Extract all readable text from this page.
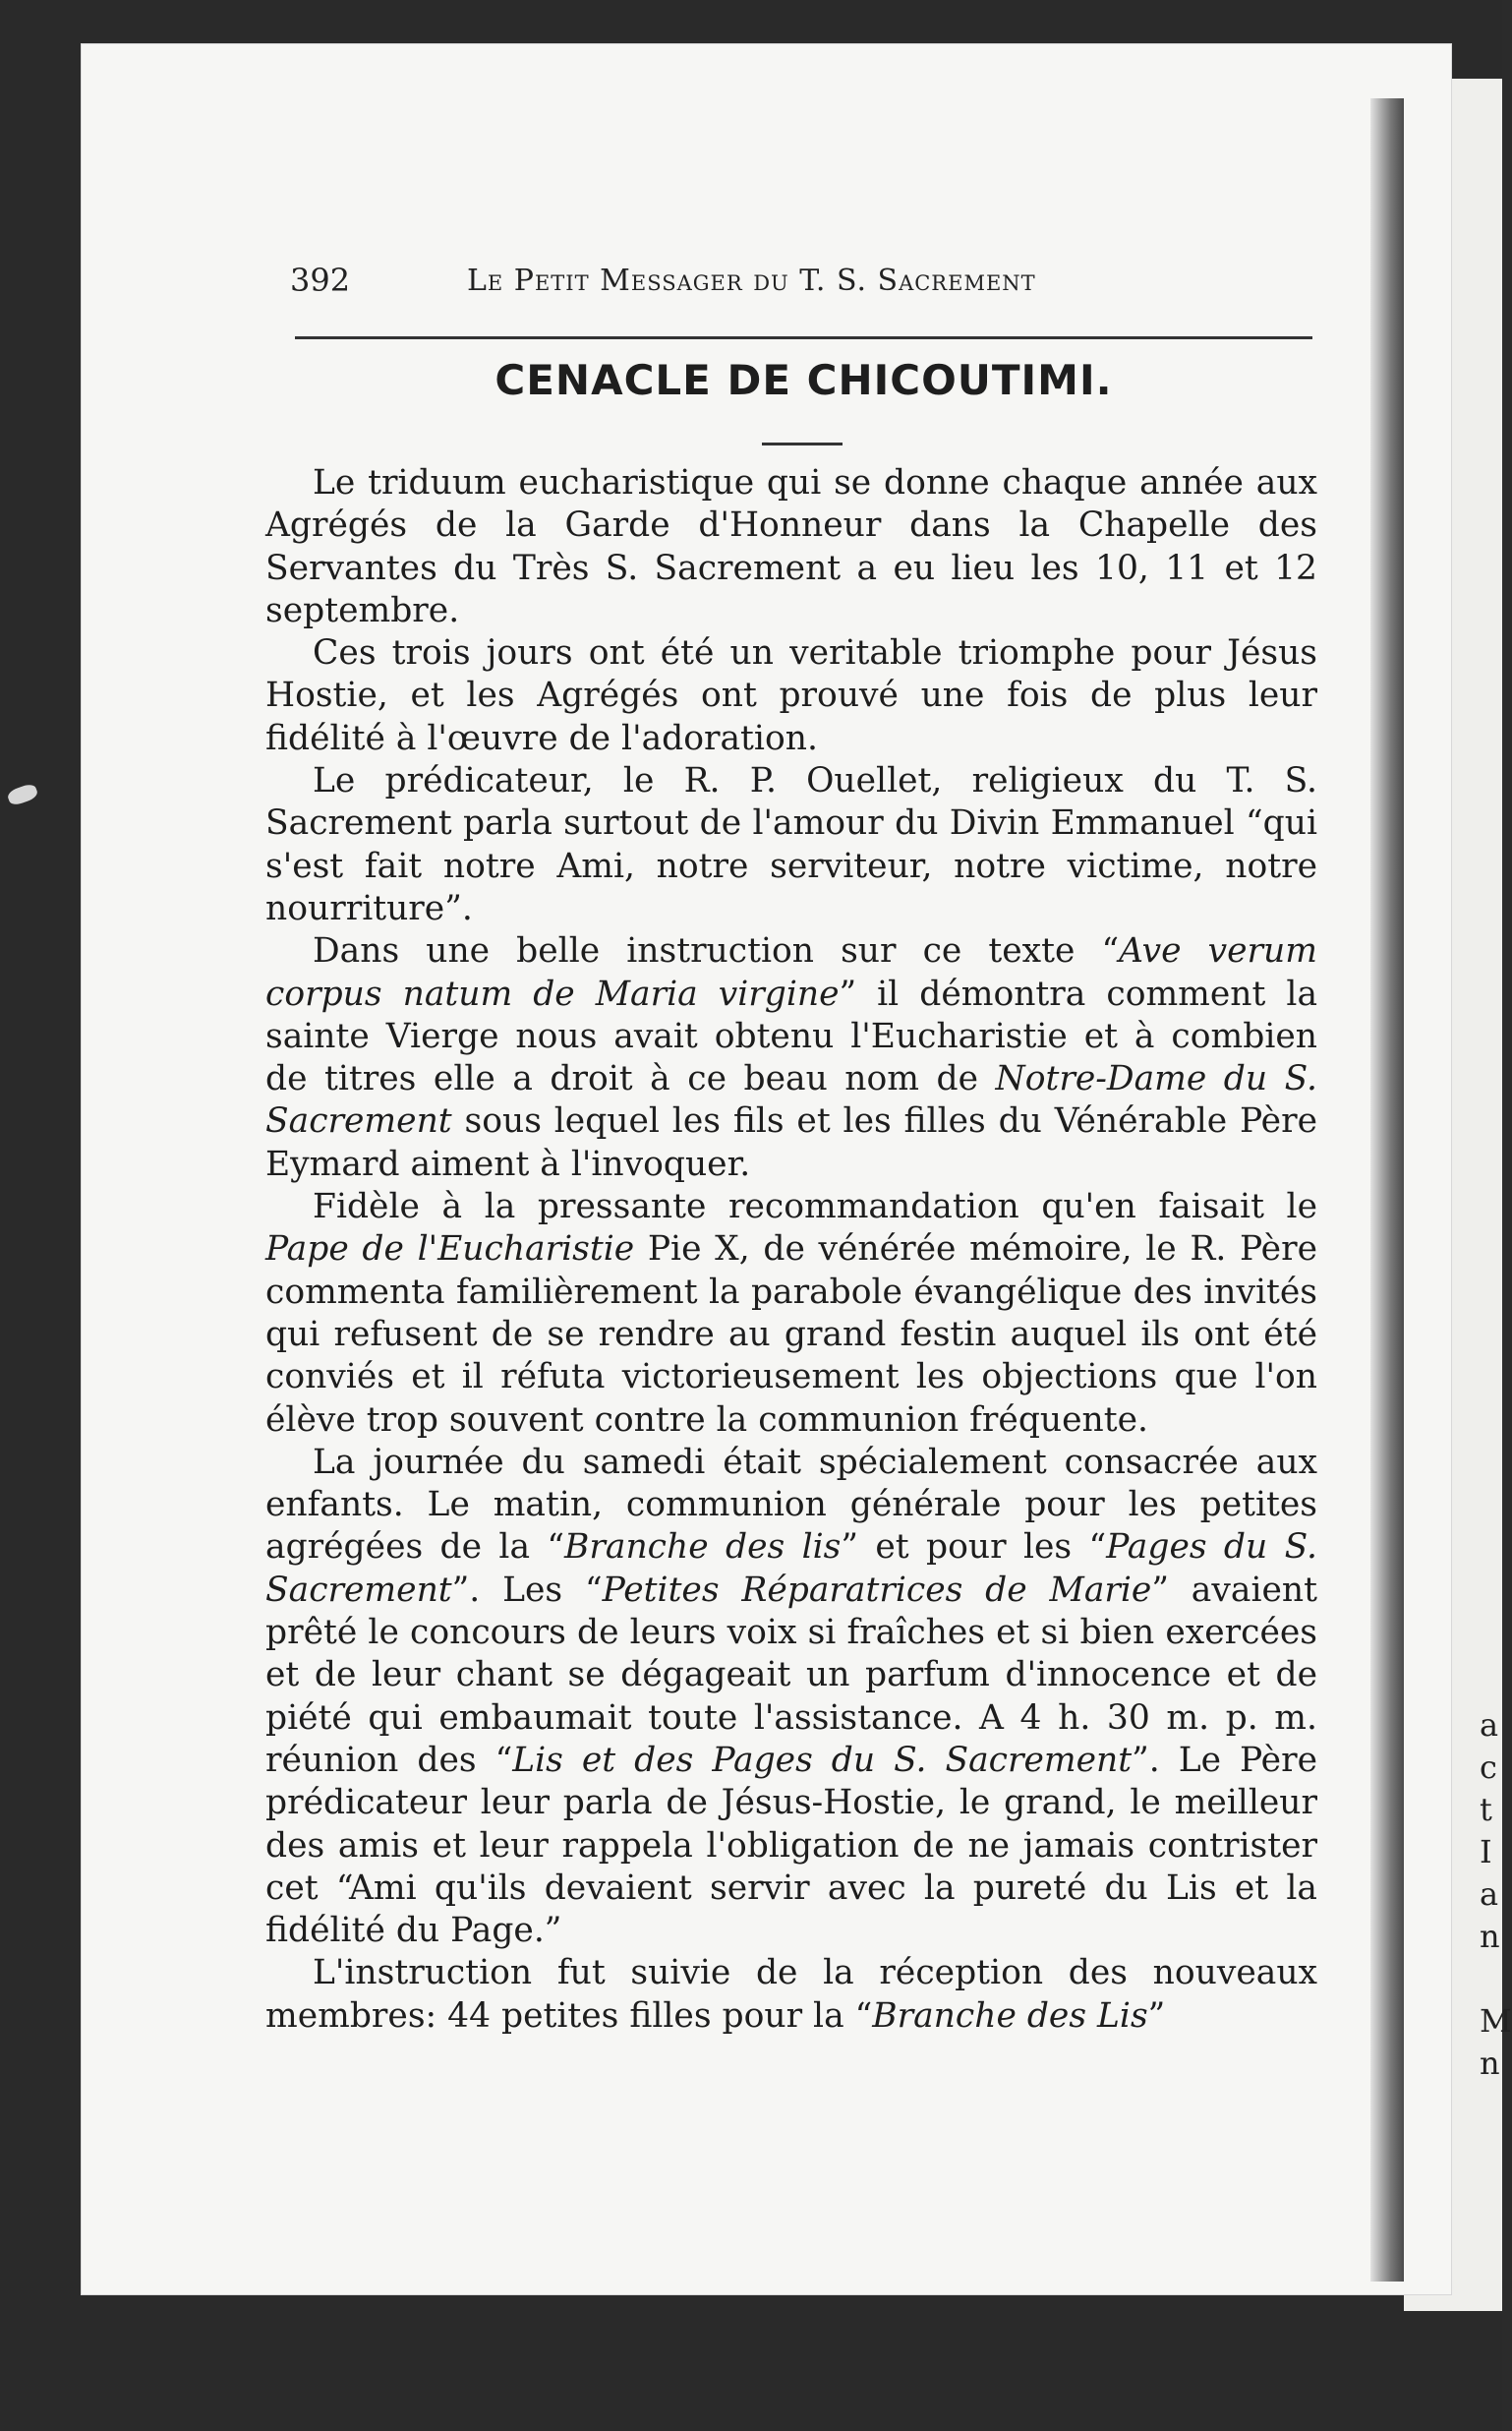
a
c
t
I
a
n
M
n
392	Le Petit Messager du T. S. Sacrement
CENACLE DE CHICOUTIMI.

Le triduum eucharistique qui se donne chaque année aux Agrégés de la Garde d'Honneur dans la Chapelle des Servantes du Très S. Sacrement a eu lieu les 10, 11 et 12 septembre.

Ces trois jours ont été un veritable triomphe pour Jésus Hostie, et les Agrégés ont prouvé une fois de plus leur fidélité à l'œuvre de l'adoration.

Le prédicateur, le R. P. Ouellet, religieux du T. S. Sacrement parla surtout de l'amour du Divin Emmanuel “qui s'est fait notre Ami, notre serviteur, notre victime, notre nourriture”.

Dans une belle instruction sur ce texte “Ave verum corpus natum de Maria virgine” il démontra comment la sainte Vierge nous avait obtenu l'Eucharistie et à combien de titres elle a droit à ce beau nom de Notre-Dame du S. Sacrement sous lequel les fils et les filles du Vénérable Père Eymard aiment à l'invoquer.

Fidèle à la pressante recommandation qu'en faisait le Pape de l'Eucharistie Pie X, de vénérée mémoire, le R. Père commenta familièrement la parabole évangélique des invités qui refusent de se rendre au grand festin auquel ils ont été conviés et il réfuta victorieusement les objections que l'on élève trop souvent contre la communion fréquente.

La journée du samedi était spécialement consacrée aux enfants. Le matin, communion générale pour les petites agrégées de la “Branche des lis” et pour les “Pages du S. Sacrement”. Les “Petites Réparatrices de Marie” avaient prêté le concours de leurs voix si fraîches et si bien exercées et de leur chant se dégageait un parfum d'innocence et de piété qui embaumait toute l'assistance. A 4 h. 30 m. p. m. réunion des “Lis et des Pages du S. Sacrement”. Le Père prédicateur leur parla de Jésus-Hostie, le grand, le meilleur des amis et leur rappela l'obligation de ne jamais contrister cet “Ami qu'ils devaient servir avec la pureté du Lis et la fidélité du Page.”

L'instruction fut suivie de la réception des nouveaux membres: 44 petites filles pour la “Branche des Lis”
